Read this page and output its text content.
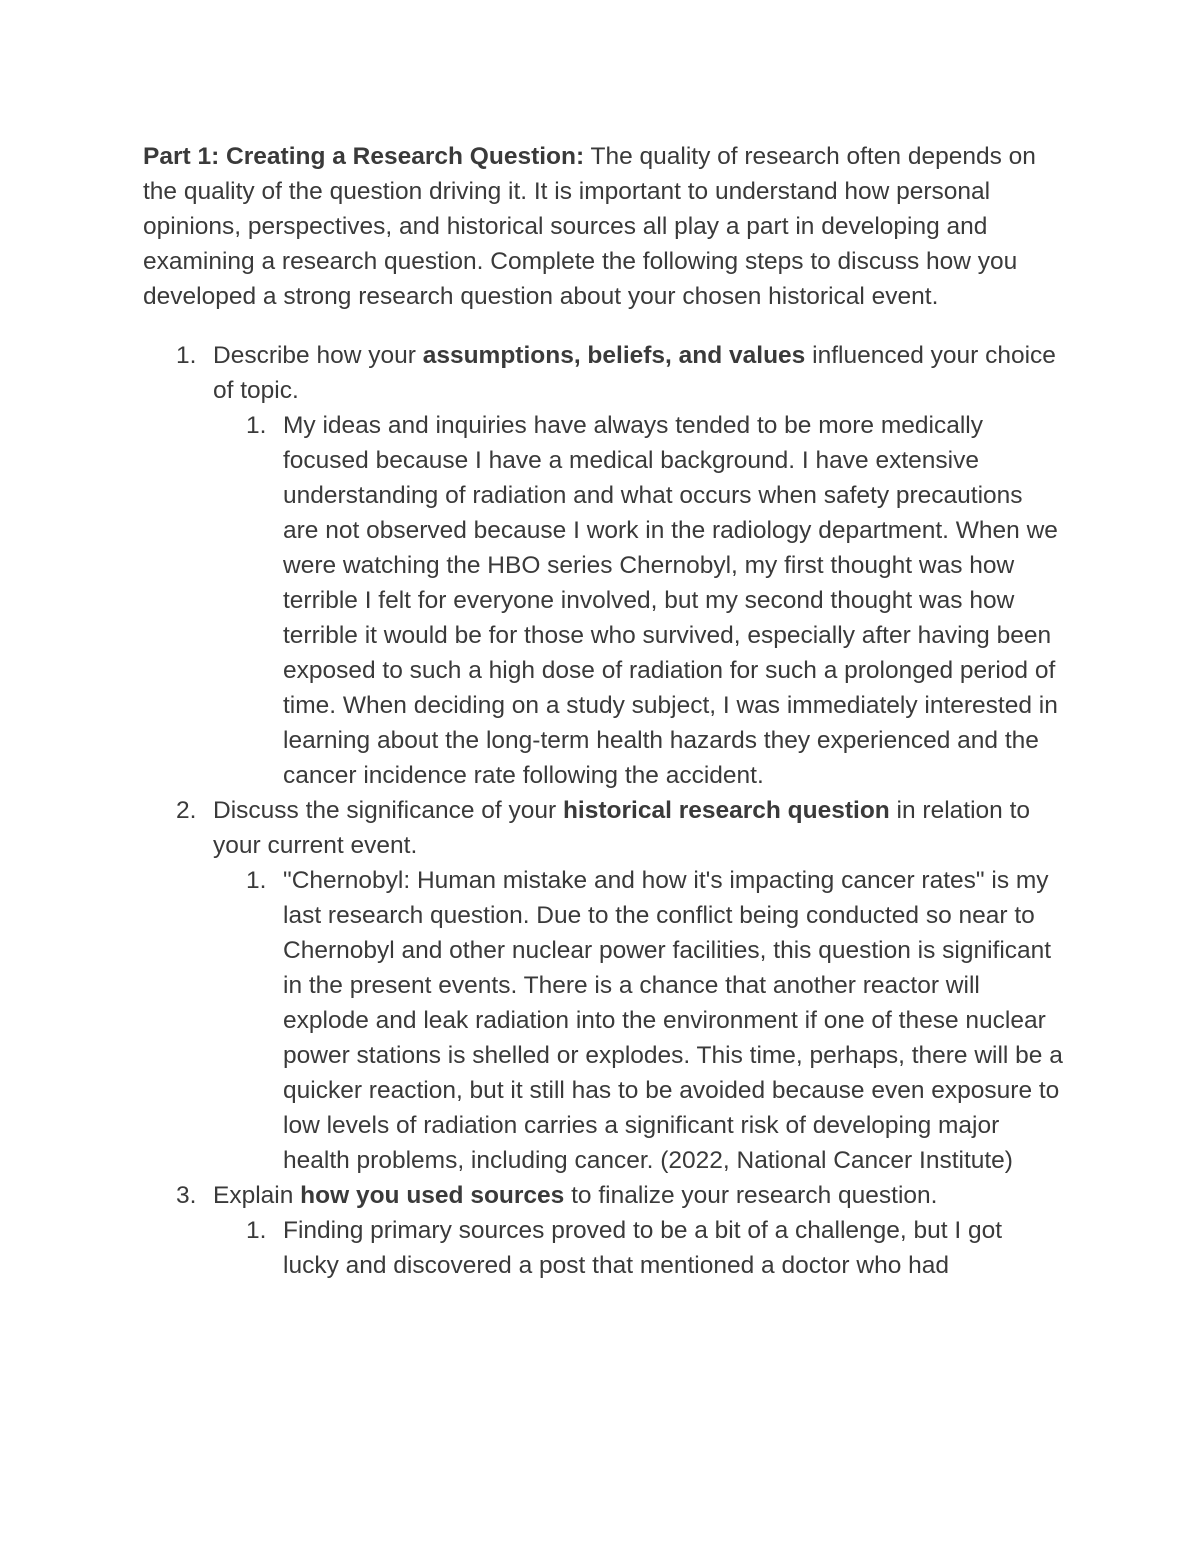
Part 1: Creating a Research Question: The quality of research often depends on the quality of the question driving it. It is important to understand how personal opinions, perspectives, and historical sources all play a part in developing and examining a research question. Complete the following steps to discuss how you developed a strong research question about your chosen historical event.

1. Describe how your assumptions, beliefs, and values influenced your choice of topic.
1. My ideas and inquiries have always tended to be more medically focused because I have a medical background. I have extensive understanding of radiation and what occurs when safety precautions are not observed because I work in the radiology department. When we were watching the HBO series Chernobyl, my first thought was how terrible I felt for everyone involved, but my second thought was how terrible it would be for those who survived, especially after having been exposed to such a high dose of radiation for such a prolonged period of time. When deciding on a study subject, I was immediately interested in learning about the long-term health hazards they experienced and the cancer incidence rate following the accident.
2. Discuss the significance of your historical research question in relation to your current event.
1. "Chernobyl: Human mistake and how it's impacting cancer rates" is my last research question. Due to the conflict being conducted so near to Chernobyl and other nuclear power facilities, this question is significant in the present events. There is a chance that another reactor will explode and leak radiation into the environment if one of these nuclear power stations is shelled or explodes. This time, perhaps, there will be a quicker reaction, but it still has to be avoided because even exposure to low levels of radiation carries a significant risk of developing major health problems, including cancer. (2022, National Cancer Institute)
3. Explain how you used sources to finalize your research question.
1. Finding primary sources proved to be a bit of a challenge, but I got lucky and discovered a post that mentioned a doctor who had
